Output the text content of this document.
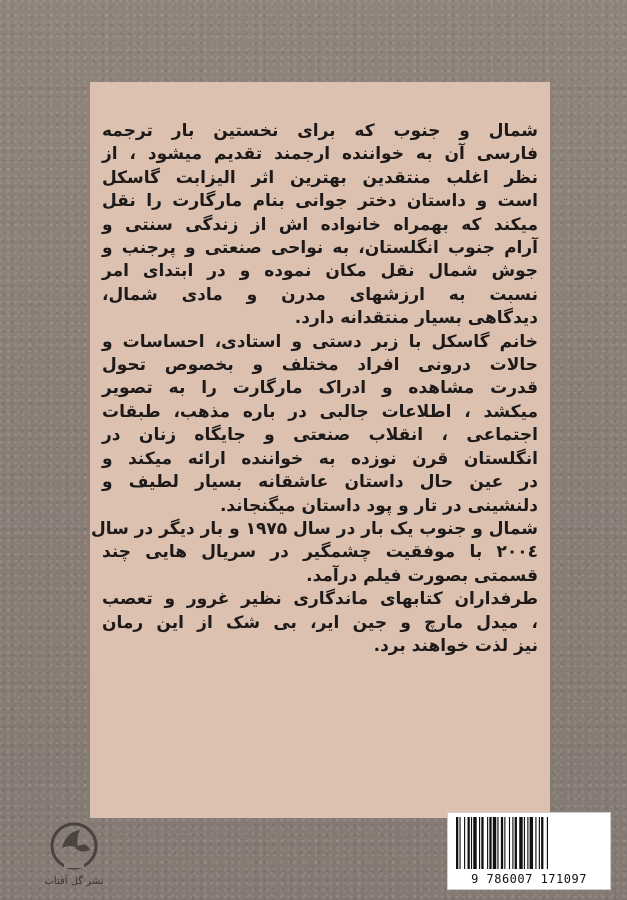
شمال و جنوب که برای نخستین بار ترجمه
فارسی آن به خواننده ارجمند تقدیم میشود ، از
نظر اغلب منتقدین بهترین اثر الیزابت گاسکل
است و داستان دختر جوانی بنام مارگارت را نقل
میکند که بهمراه خانواده اش از زندگی سنتی و
آرام جنوب انگلستان، به نواحی صنعتی و پرجنب و
جوش شمال نقل مکان نموده و در ابتدای امر
نسبت به ارزشهای مدرن و مادی شمال،
دیدگاهی بسیار منتقدانه دارد.
خانم گاسکل با زبر دستی و استادی، احساسات و
حالات درونی افراد مختلف و بخصوص تحول
قدرت مشاهده و ادراک مارگارت را به تصویر
میکشد ، اطلاعات جالبی در باره مذهب، طبقات
اجتماعی ، انقلاب صنعتی و جایگاه زنان در
انگلستان قرن نوزده به خواننده ارائه میکند و
در عین حال داستان عاشقانه بسیار لطیف و
دلنشینی در تار و پود داستان میگنجاند.
شمال و جنوب یک بار در سال ۱۹۷۵ و بار دیگر در سال
۲۰۰٤ با موفقیت چشمگیر در سریال هایی چند
قسمتی بصورت فیلم درآمد.
طرفداران کتابهای ماندگاری نظیر غرور و تعصب
، میدل مارچ و جین ایر، بی شک از این رمان
نیز لذت خواهند برد.
نشر گل آفتاب	9 786007 171097
